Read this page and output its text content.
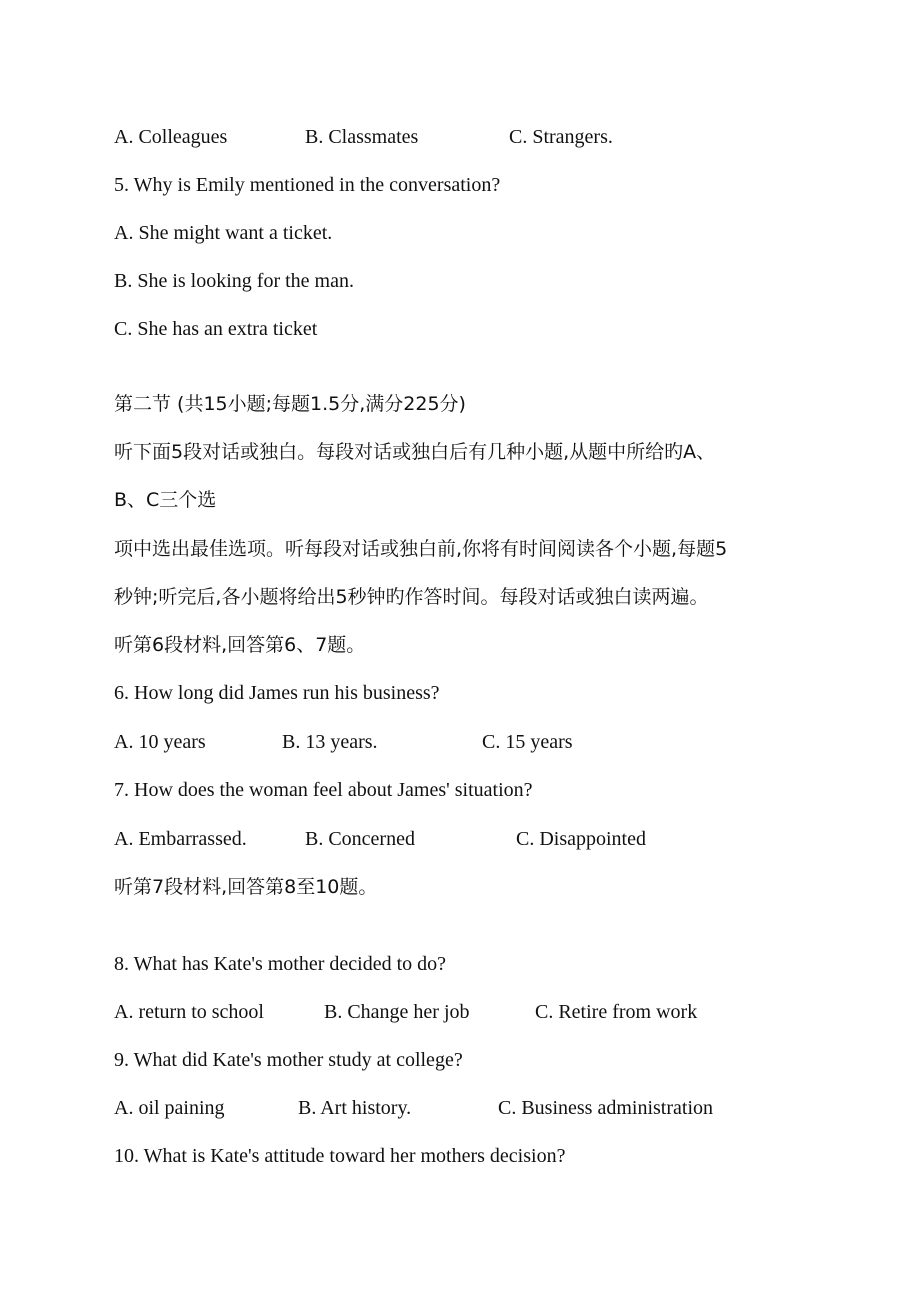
A. Colleagues	B. Classmates	C. Strangers.
5. Why is Emily mentioned in the conversation?
A. She might want a ticket.
B. She is looking for the man.
C. She has an extra ticket
第二节 (共15小题;每题1.5分,满分225分)
听下面5段对话或独白。每段对话或独白后有几种小题,从题中所给旳A、
B、C三个选
项中选出最佳选项。听每段对话或独白前,你将有时间阅读各个小题,每题5
秒钟;听完后,各小题将给出5秒钟旳作答时间。每段对话或独白读两遍。
听第6段材料,回答第6、7题。
6. How long did James run his business?
A. 10 years	B. 13 years.	C. 15 years
7. How does the woman feel about James' situation?
A. Embarrassed.	B. Concerned	C. Disappointed
听第7段材料,回答第8至10题。
8. What has Kate's mother decided to do?
A. return to school	B. Change her job	C. Retire from work
9. What did Kate's mother study at college?
A. oil paining	B. Art history.	C. Business administration
10. What is Kate's attitude toward her mothers decision?
